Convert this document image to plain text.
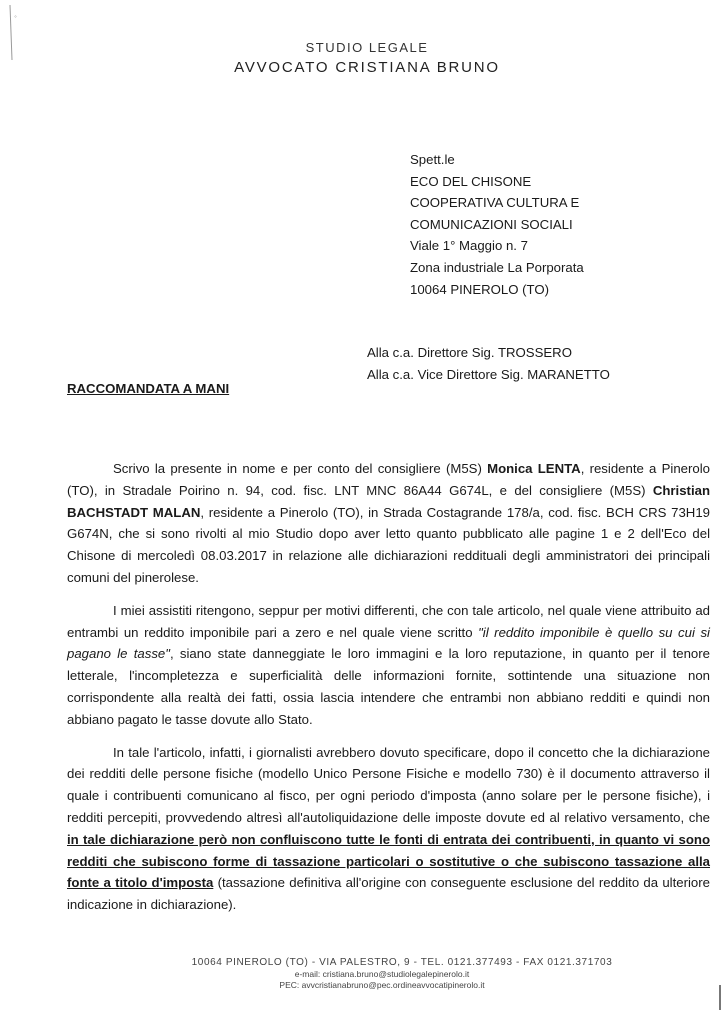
°
STUDIO LEGALE
AVVOCATO CRISTIANA BRUNO
Spett.le
ECO DEL CHISONE
COOPERATIVA CULTURA E
COMUNICAZIONI SOCIALI
Viale 1° Maggio n. 7
Zona industriale La Porporata
10064 PINEROLO (TO)
Alla c.a. Direttore Sig. TROSSERO
Alla c.a. Vice Direttore Sig. MARANETTO
RACCOMANDATA A MANI

Scrivo la presente in nome e per conto del consigliere (M5S) Monica LENTA, residente a Pinerolo (TO), in Stradale Poirino n. 94, cod. fisc. LNT MNC 86A44 G674L, e del consigliere (M5S) Christian BACHSTADT MALAN, residente a Pinerolo (TO), in Strada Costagrande 178/a, cod. fisc. BCH CRS 73H19 G674N, che si sono rivolti al mio Studio dopo aver letto quanto pubblicato alle pagine 1 e 2 dell'Eco del Chisone di mercoledì 08.03.2017 in relazione alle dichiarazioni reddituali degli amministratori dei principali comuni del pinerolese.

I miei assistiti ritengono, seppur per motivi differenti, che con tale articolo, nel quale viene attribuito ad entrambi un reddito imponibile pari a zero e nel quale viene scritto "il reddito imponibile è quello su cui si pagano le tasse", siano state danneggiate le loro immagini e la loro reputazione, in quanto per il tenore letterale, l'incompletezza e superficialità delle informazioni fornite, sottintende una situazione non corrispondente alla realtà dei fatti, ossia lascia intendere che entrambi non abbiano redditi e quindi non abbiano pagato le tasse dovute allo Stato.

In tale l'articolo, infatti, i giornalisti avrebbero dovuto specificare, dopo il concetto che la dichiarazione dei redditi delle persone fisiche (modello Unico Persone Fisiche e modello 730) è il documento attraverso il quale i contribuenti comunicano al fisco, per ogni periodo d'imposta (anno solare per le persone fisiche), i redditi percepiti, provvedendo altresì all'autoliquidazione delle imposte dovute ed al relativo versamento, che in tale dichiarazione però non confluiscono tutte le fonti di entrata dei contribuenti, in quanto vi sono redditi che subiscono forme di tassazione particolari o sostitutive o che subiscono tassazione alla fonte a titolo d'imposta (tassazione definitiva all'origine con conseguente esclusione del reddito da ulteriore indicazione in dichiarazione).

10064 PINEROLO (TO) - VIA PALESTRO, 9 - TEL. 0121.377493 - FAX 0121.371703
e-mail: cristiana.bruno@studiolegalepinerolo.it
PEC: avvcristianabruno@pec.ordineavvocatipinerolo.it
